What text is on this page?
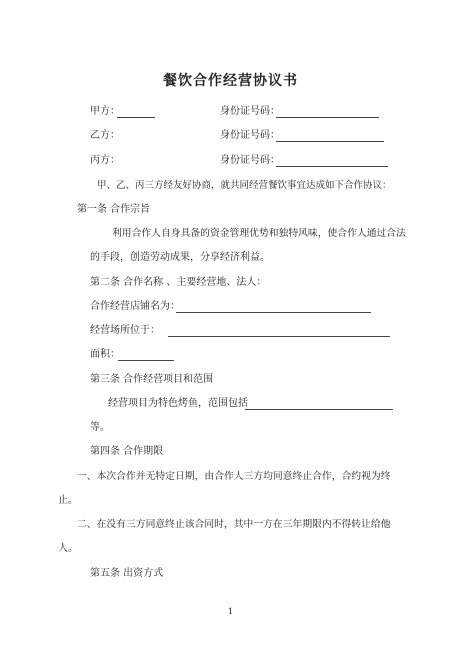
餐饮合作经营协议书
甲方：	身份证号码：
乙方：	身份证号码：
丙方：	身份证号码：
甲、乙、丙三方经友好协商，就共同经营餐饮事宜达成如下合作协议：
第一条 合作宗旨
利用合作人自身具备的资金管理优势和独特风味，使合作人通过合法
的手段，创造劳动成果，分享经济利益。
第二条 合作名称 、主要经营地、法人：
合作经营店铺名为：
经营场所位于：
面积：
第三条 合作经营项目和范围
经营项目为特色烤鱼，范围包括
等。
第四条 合作期限
一、本次合作并无特定日期，由合作人三方均同意终止合作，合约视为终
止。
二、在没有三方同意终止该合同时，其中一方在三年期限内不得转让给他
人。
第五条 出资方式
1
